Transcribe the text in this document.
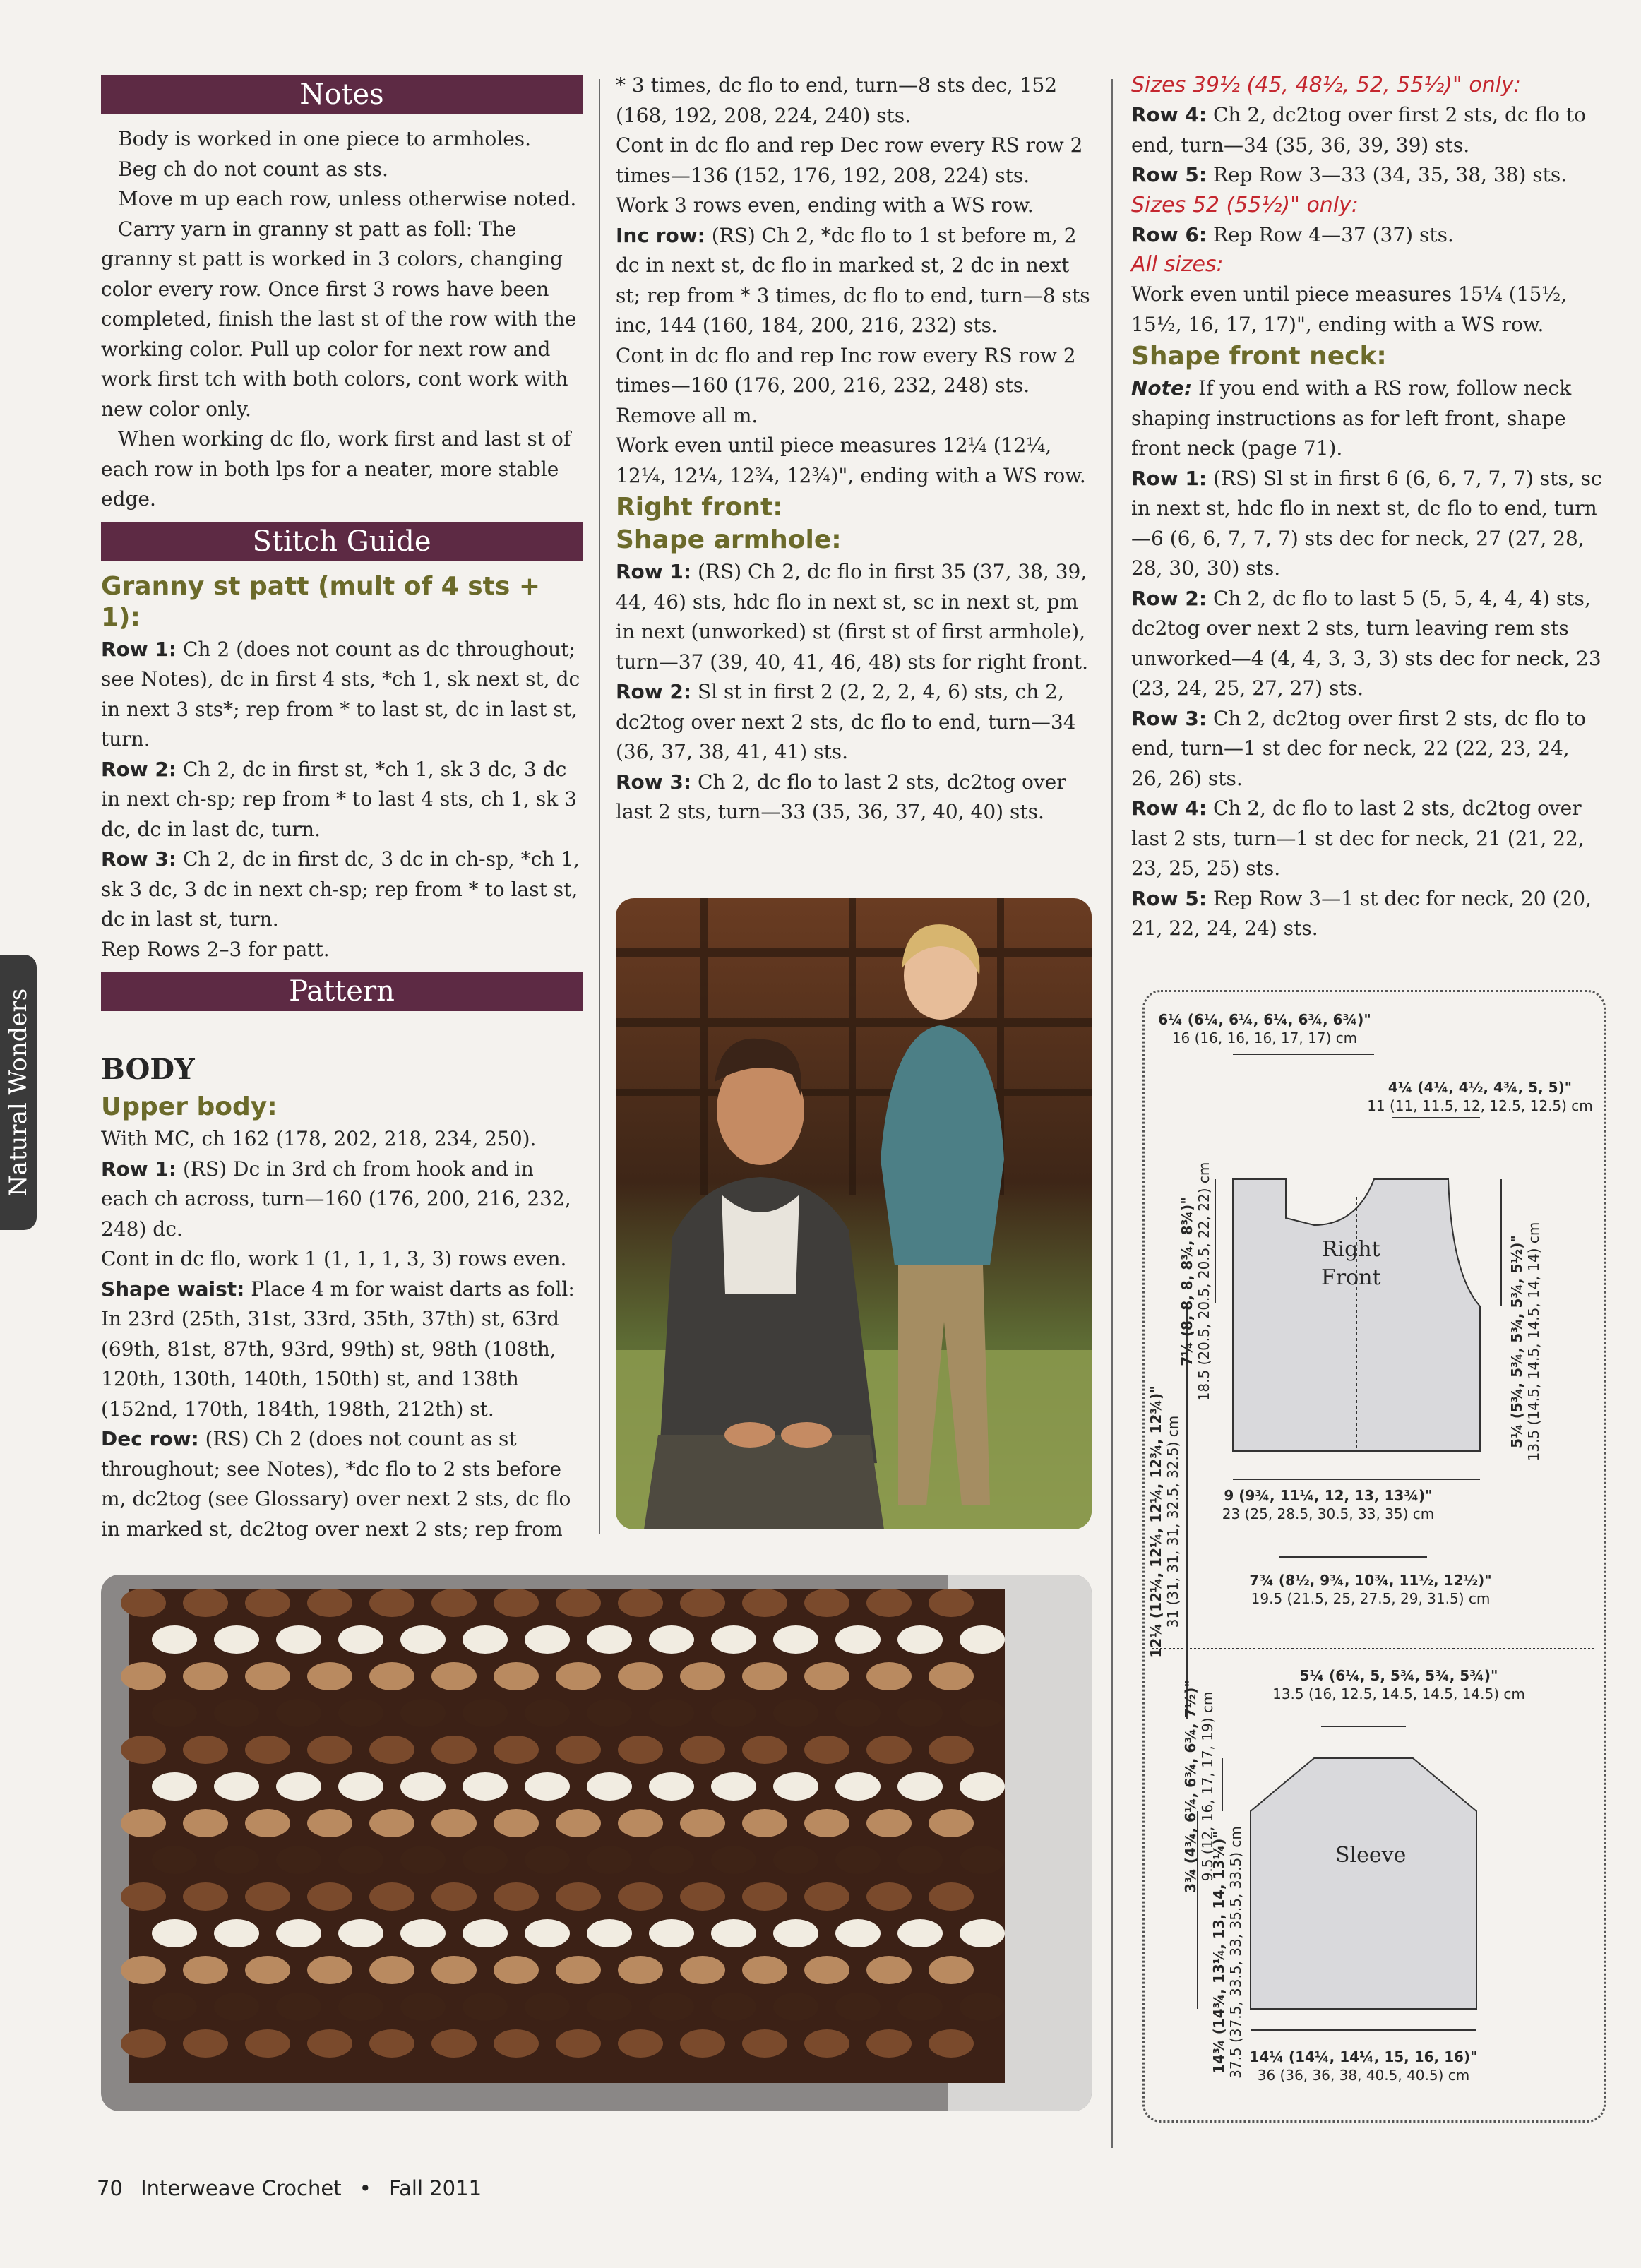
Natural Wonders
Notes

Body is worked in one piece to armholes.

Beg ch do not count as sts.

Move m up each row, unless otherwise noted.

Carry yarn in granny st patt as foll: The granny st patt is worked in 3 colors, changing color every row. Once first 3 rows have been completed, finish the last st of the row with the working color. Pull up color for next row and work first tch with both colors, cont work with new color only.

When working dc flo, work first and last st of each row in both lps for a neater, more stable edge.

Stitch Guide
Granny st patt (mult of 4 sts + 1):

Row 1: Ch 2 (does not count as dc throughout; see Notes), dc in first 4 sts, *ch 1, sk next st, dc in next 3 sts*; rep from * to last st, dc in last st, turn.

Row 2: Ch 2, dc in first st, *ch 1, sk 3 dc, 3 dc in next ch-sp; rep from * to last 4 sts, ch 1, sk 3 dc, dc in last dc, turn.

Row 3: Ch 2, dc in first dc, 3 dc in ch-sp, *ch 1, sk 3 dc, 3 dc in next ch-sp; rep from * to last st, dc in last st, turn.

Rep Rows 2–3 for patt.

Pattern
BODY
Upper body:

With MC, ch 162 (178, 202, 218, 234, 250).

Row 1: (RS) Dc in 3rd ch from hook and in each ch across, turn—160 (176, 200, 216, 232, 248) dc.

Cont in dc flo, work 1 (1, 1, 1, 3, 3) rows even.

Shape waist: Place 4 m for waist darts as foll: In 23rd (25th, 31st, 33rd, 35th, 37th) st, 63rd (69th, 81st, 87th, 93rd, 99th) st, 98th (108th, 120th, 130th, 140th, 150th) st, and 138th (152nd, 170th, 184th, 198th, 212th) st.

Dec row: (RS) Ch 2 (does not count as st throughout; see Notes), *dc flo to 2 sts before m, dc2tog (see Glossary) over next 2 sts, dc flo in marked st, dc2tog over next 2 sts; rep from

* 3 times, dc flo to end, turn—8 sts dec, 152 (168, 192, 208, 224, 240) sts.

Cont in dc flo and rep Dec row every RS row 2 times—136 (152, 176, 192, 208, 224) sts.

Work 3 rows even, ending with a WS row.

Inc row: (RS) Ch 2, *dc flo to 1 st before m, 2 dc in next st, dc flo in marked st, 2 dc in next st; rep from * 3 times, dc flo to end, turn—8 sts inc, 144 (160, 184, 200, 216, 232) sts.

Cont in dc flo and rep Inc row every RS row 2 times—160 (176, 200, 216, 232, 248) sts.

Remove all m.

Work even until piece measures 12¼ (12¼, 12¼, 12¼, 12¾, 12¾)", ending with a WS row.

Right front:
Shape armhole:

Row 1: (RS) Ch 2, dc flo in first 35 (37, 38, 39, 44, 46) sts, hdc flo in next st, sc in next st, pm in next (unworked) st (first st of first armhole), turn—37 (39, 40, 41, 46, 48) sts for right front.

Row 2: Sl st in first 2 (2, 2, 2, 4, 6) sts, ch 2, dc2tog over next 2 sts, dc flo to end, turn—34 (36, 37, 38, 41, 41) sts.

Row 3: Ch 2, dc flo to last 2 sts, dc2tog over last 2 sts, turn—33 (35, 36, 37, 40, 40) sts.

Sizes 39½ (45, 48½, 52, 55½)" only:

Row 4: Ch 2, dc2tog over first 2 sts, dc flo to end, turn—34 (35, 36, 39, 39) sts.

Row 5: Rep Row 3—33 (34, 35, 38, 38) sts.

Sizes 52 (55½)" only:

Row 6: Rep Row 4—37 (37) sts.

All sizes:

Work even until piece measures 15¼ (15½, 15½, 16, 17, 17)", ending with a WS row.

Shape front neck:

Note: If you end with a RS row, follow neck shaping instructions as for left front, shape front neck (page 71).

Row 1: (RS) Sl st in first 6 (6, 6, 7, 7, 7) sts, sc in next st, hdc flo in next st, dc flo to end, turn—6 (6, 6, 7, 7, 7) sts dec for neck, 27 (27, 28, 28, 30, 30) sts.

Row 2: Ch 2, dc flo to last 5 (5, 5, 4, 4, 4) sts, dc2tog over next 2 sts, turn leaving rem sts unworked—4 (4, 4, 3, 3, 3) sts dec for neck, 23 (23, 24, 25, 27, 27) sts.

Row 3: Ch 2, dc2tog over first 2 sts, dc flo to end, turn—1 st dec for neck, 22 (22, 23, 24, 26, 26) sts.

Row 4: Ch 2, dc flo to last 2 sts, dc2tog over last 2 sts, turn—1 st dec for neck, 21 (21, 22, 23, 25, 25) sts.

Row 5: Rep Row 3—1 st dec for neck, 20 (20, 21, 22, 24, 24) sts.

Right
Front
Sleeve
6¼ (6¼, 6¼, 6¼, 6¾, 6¾)"
16 (16, 16, 16, 17, 17) cm
4¼ (4¼, 4½, 4¾, 5, 5)"
11 (11, 11.5, 12, 12.5, 12.5) cm
7¼ (8, 8, 8, 8¾, 8¾)" 18.5 (20.5, 20.5, 20.5, 22, 22) cm	5¼ (5¾, 5¾, 5¾, 5¾, 5½)" 13.5 (14.5, 14.5, 14.5, 14, 14) cm
12¼ (12¼, 12¼, 12¼, 12¾, 12¾)" 31 (31, 31, 31, 32.5, 32.5) cm	9 (9¾, 11¼, 12, 13, 13¾)"
23 (25, 28.5, 30.5, 33, 35) cm
7¾ (8½, 9¾, 10¾, 11½, 12½)"
19.5 (21.5, 25, 27.5, 29, 31.5) cm
5¼ (6¼, 5, 5¾, 5¾, 5¾)"
13.5 (16, 12.5, 14.5, 14.5, 14.5) cm
3¾ (4¾, 6¼, 6¾, 6¾, 7½)" 9.5 (12, 16, 17, 17, 19) cm
14¾ (14¾, 13¼, 13, 14, 13¼)" 37.5 (37.5, 33.5, 33, 35.5, 33.5) cm 14¼ (14¼, 14¼, 15, 16, 16)"
36 (36, 36, 38, 40.5, 40.5) cm
70 Interweave Crochet • Fall 2011
